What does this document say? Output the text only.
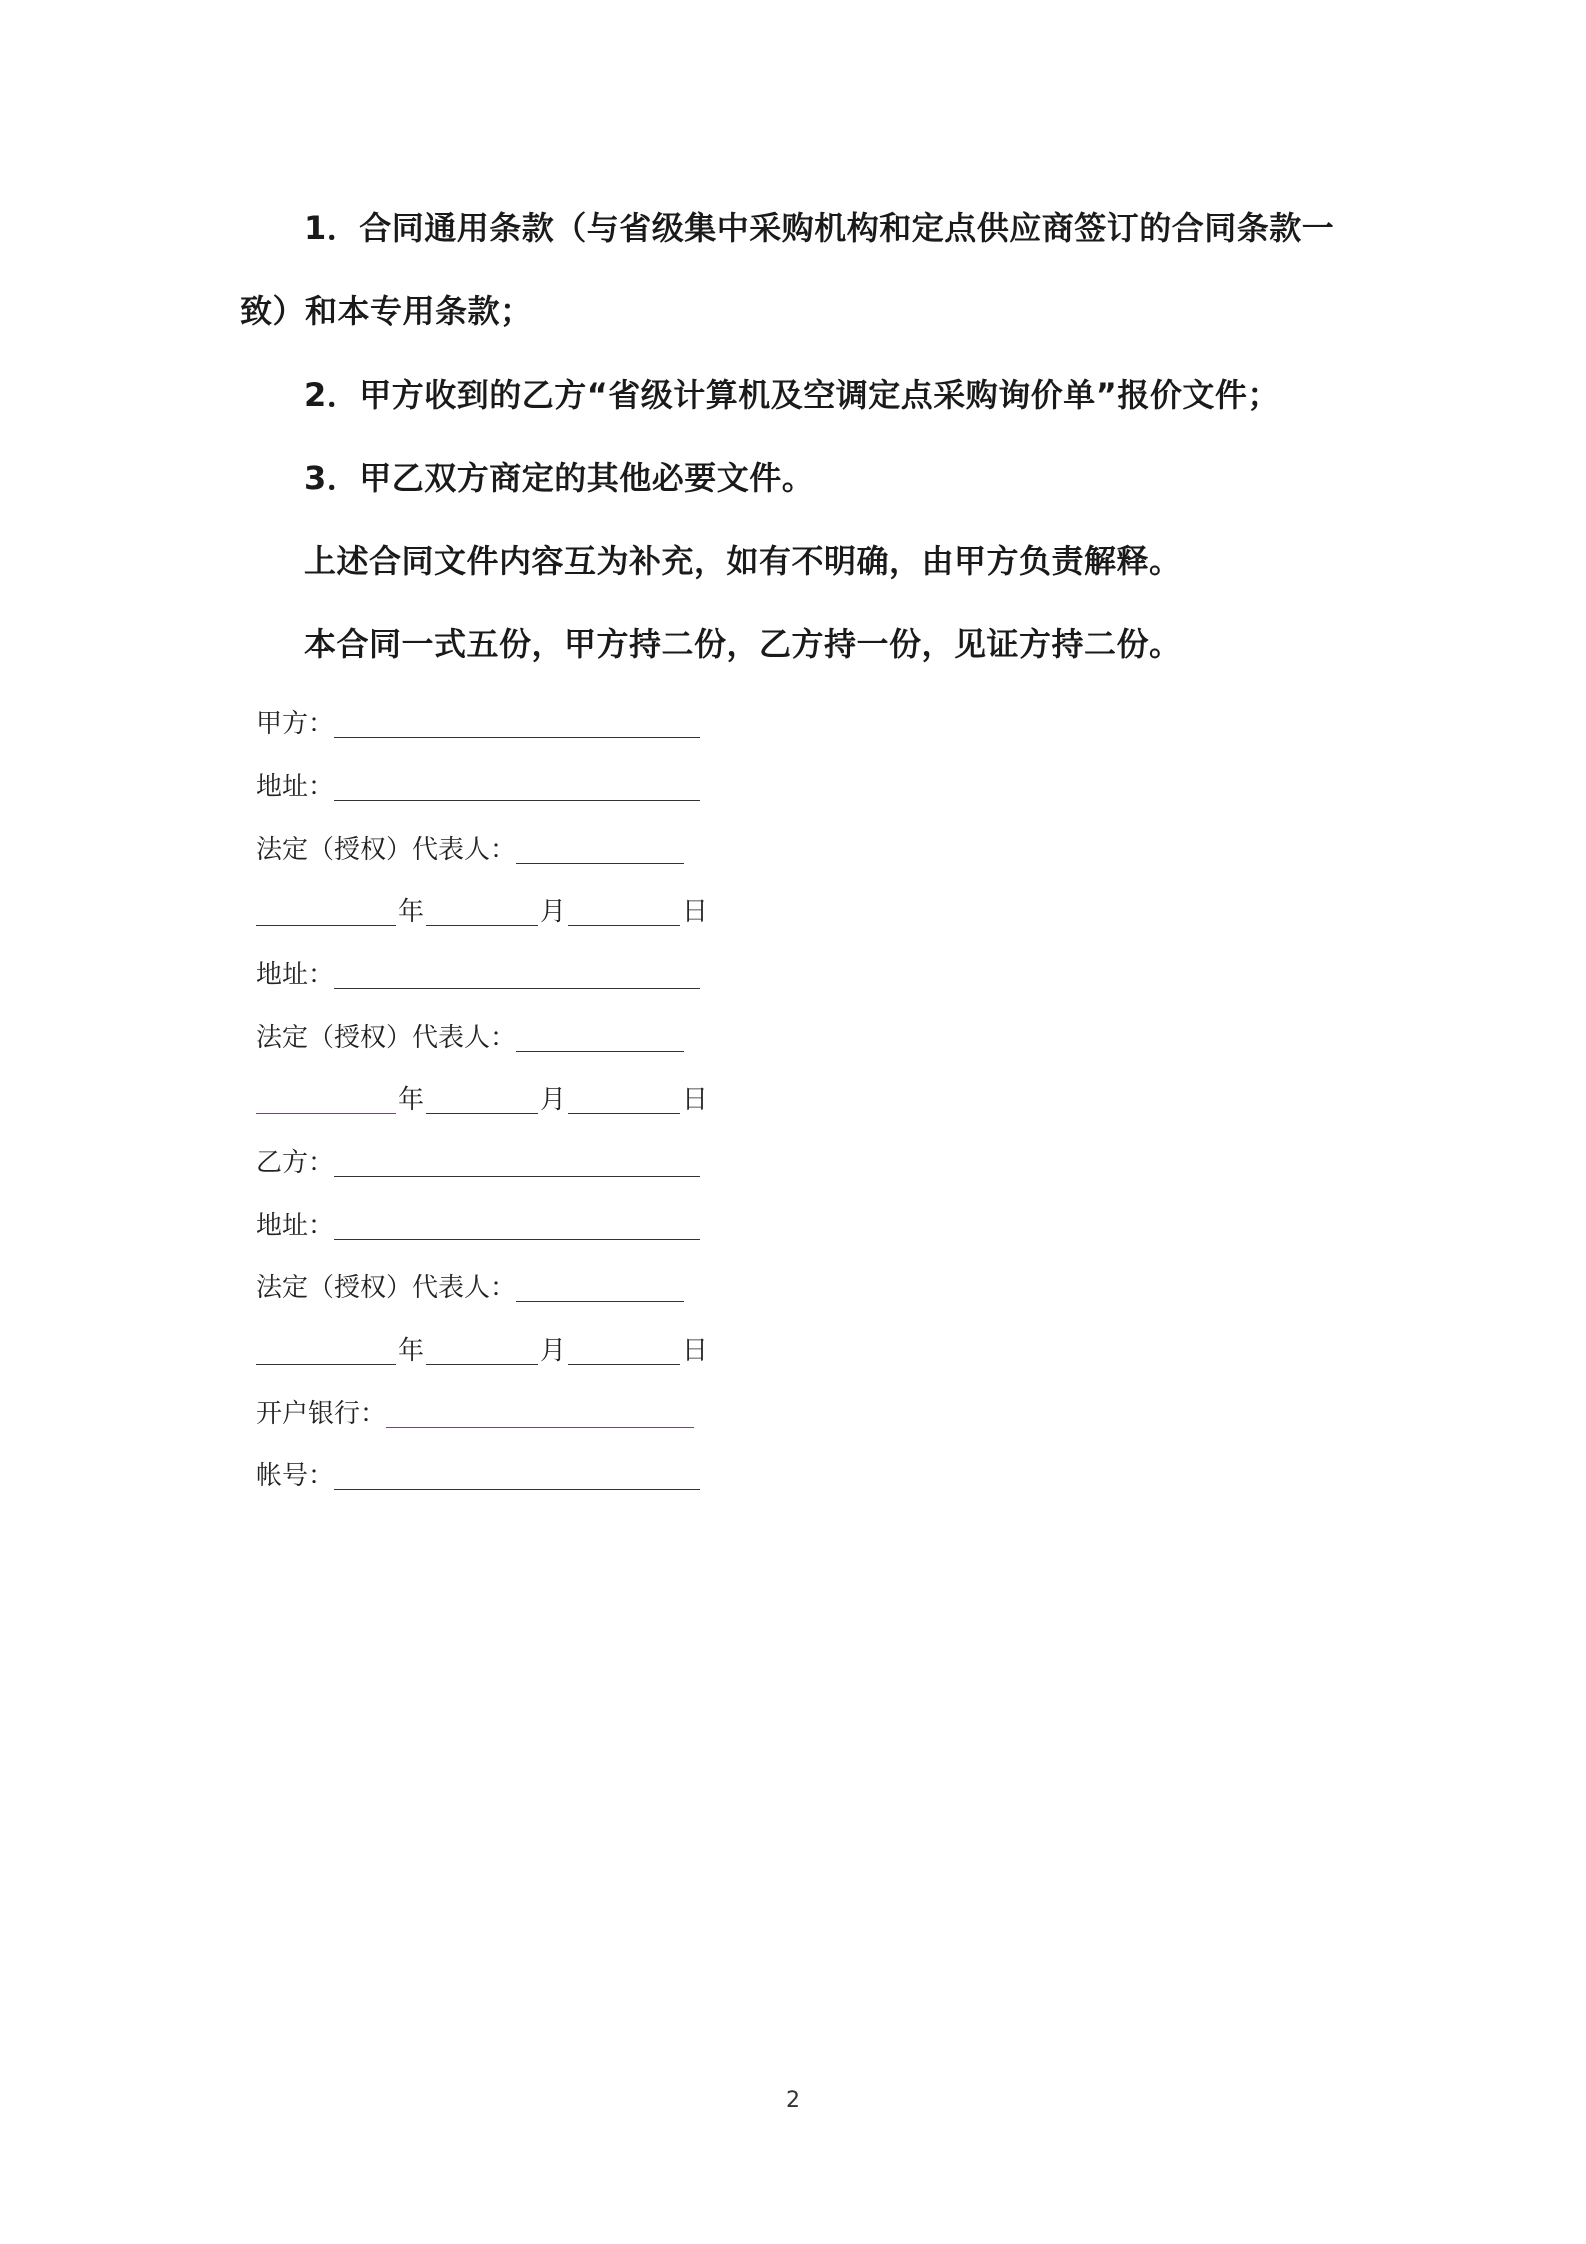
1．合同通用条款（与省级集中采购机构和定点供应商签订的合同条款一

致）和本专用条款；

2．甲方收到的乙方“省级计算机及空调定点采购询价单”报价文件；

3．甲乙双方商定的其他必要文件。

上述合同文件内容互为补充，如有不明确，由甲方负责解释。

本合同一式五份，甲方持二份，乙方持一份，见证方持二份。

甲方：
地址：
法定（授权）代表人：
年	月	日
地址：
法定（授权）代表人：
年	月	日
乙方：
地址：
法定（授权）代表人：
年	月	日
开户银行：
帐号：
2
